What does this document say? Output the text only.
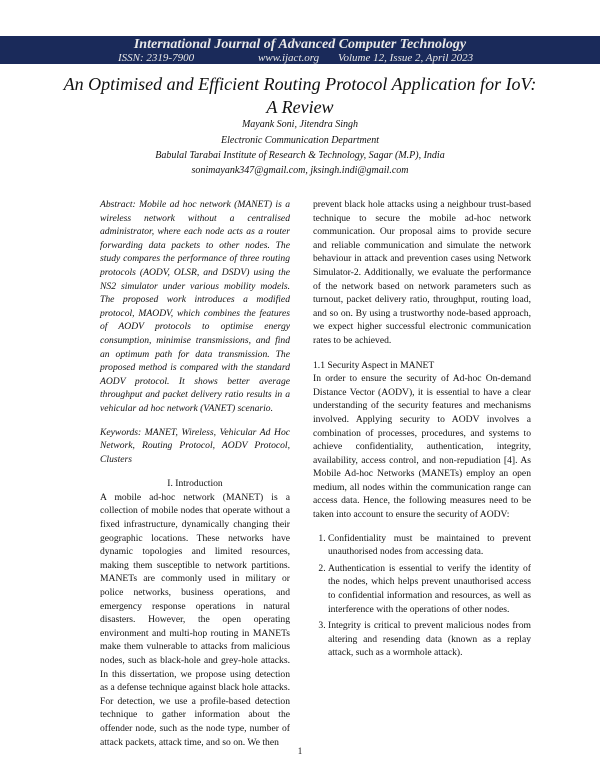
International Journal of Advanced Computer Technology
ISSN: 2319-7900	www.ijact.org Volume 12, Issue 2, April 2023
An Optimised and Efficient Routing Protocol Application for IoV: A Review
Mayank Soni, Jitendra Singh
Electronic Communication Department
Babulal Tarabai Institute of Research & Technology, Sagar (M.P), India
sonimayank347@gmail.com, jksingh.indi@gmail.com

Abstract: Mobile ad hoc network (MANET) is a wireless network without a centralised administrator, where each node acts as a router forwarding data packets to other nodes. The study compares the performance of three routing protocols (AODV, OLSR, and DSDV) using the NS2 simulator under various mobility models. The proposed work introduces a modified protocol, MAODV, which combines the features of AODV protocols to optimise energy consumption, minimise transmissions, and find an optimum path for data transmission. The proposed method is compared with the standard AODV protocol. It shows better average throughput and packet delivery ratio results in a vehicular ad hoc network (VANET) scenario.

Keywords: MANET, Wireless, Vehicular Ad Hoc Network, Routing Protocol, AODV Protocol, Clusters

I. Introduction

A mobile ad-hoc network (MANET) is a collection of mobile nodes that operate without a fixed infrastructure, dynamically changing their geographic locations. These networks have dynamic topologies and limited resources, making them susceptible to network partitions. MANETs are commonly used in military or police networks, business operations, and emergency response operations in natural disasters. However, the open operating environment and multi-hop routing in MANETs make them vulnerable to attacks from malicious nodes, such as black-hole and grey-hole attacks. In this dissertation, we propose using detection as a defense technique against black hole attacks. For detection, we use a profile-based detection technique to gather information about the offender node, such as the node type, number of attack packets, attack time, and so on. We then

prevent black hole attacks using a neighbour trust-based technique to secure the mobile ad-hoc network communication. Our proposal aims to provide secure and reliable communication and simulate the network behaviour in attack and prevention cases using Network Simulator-2. Additionally, we evaluate the performance of the network based on network parameters such as turnout, packet delivery ratio, throughput, routing load, and so on. By using a trustworthy node-based approach, we expect higher successful electronic communication rates to be achieved.

1.1 Security Aspect in MANET

In order to ensure the security of Ad-hoc On-demand Distance Vector (AODV), it is essential to have a clear understanding of the security features and mechanisms involved. Applying security to AODV involves a combination of processes, procedures, and systems to achieve confidentiality, authentication, integrity, availability, access control, and non-repudiation [4]. As Mobile Ad-hoc Networks (MANETs) employ an open medium, all nodes within the communication range can access data. Hence, the following measures need to be taken into account to ensure the security of AODV:

1. Confidentiality must be maintained to prevent unauthorised nodes from accessing data.
2. Authentication is essential to verify the identity of the nodes, which helps prevent unauthorised access to confidential information and resources, as well as interference with the operations of other nodes.
3. Integrity is critical to prevent malicious nodes from altering and resending data (known as a replay attack, such as a wormhole attack).
1
